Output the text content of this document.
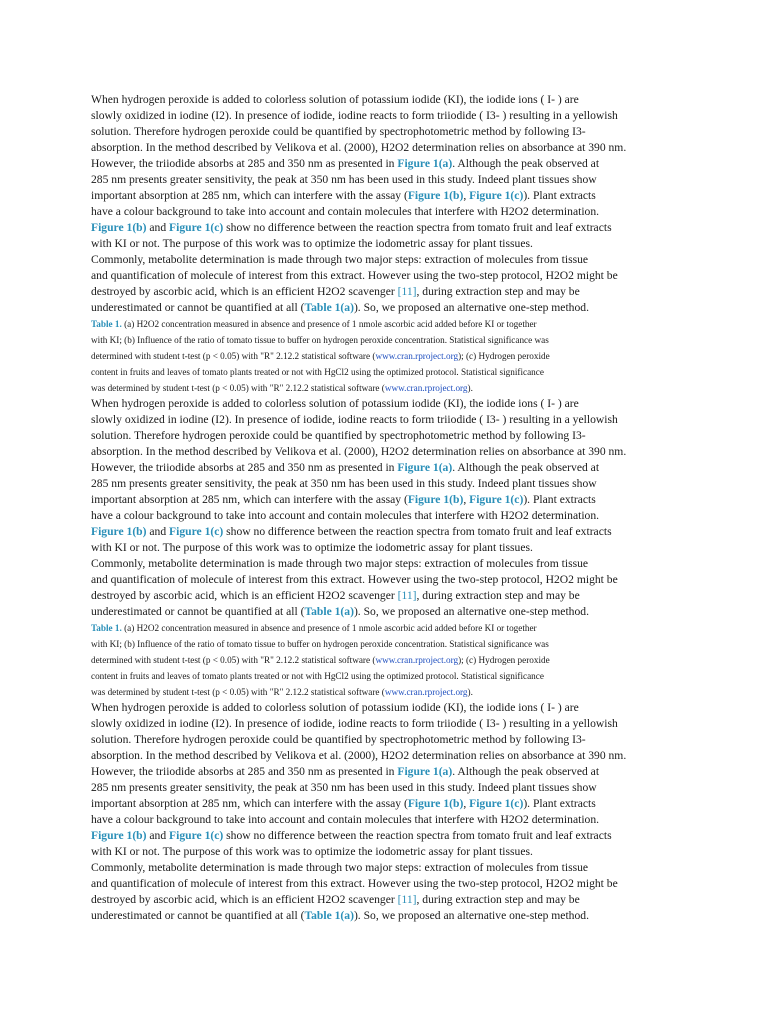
When hydrogen peroxide is added to colorless solution of potassium iodide (KI), the iodide ions ( I- ) are
slowly oxidized in iodine (I2). In presence of iodide, iodine reacts to form triiodide ( I3- ) resulting in a yellowish
solution. Therefore hydrogen peroxide could be quantified by spectrophotometric method by following I3-
absorption. In the method described by Velikova et al. (2000), H2O2 determination relies on absorbance at 390 nm.
However, the triiodide absorbs at 285 and 350 nm as presented in Figure 1(a). Although the peak observed at
285 nm presents greater sensitivity, the peak at 350 nm has been used in this study. Indeed plant tissues show
important absorption at 285 nm, which can interfere with the assay (Figure 1(b), Figure 1(c)). Plant extracts
have a colour background to take into account and contain molecules that interfere with H2O2 determination.
Figure 1(b) and Figure 1(c) show no difference between the reaction spectra from tomato fruit and leaf extracts
with KI or not. The purpose of this work was to optimize the iodometric assay for plant tissues.
Commonly, metabolite determination is made through two major steps: extraction of molecules from tissue
and quantification of molecule of interest from this extract. However using the two-step protocol, H2O2 might be
destroyed by ascorbic acid, which is an efficient H2O2 scavenger [11], during extraction step and may be
underestimated or cannot be quantified at all (Table 1(a)). So, we proposed an alternative one-step method.
Table 1. (a) H2O2 concentration measured in absence and presence of 1 nmole ascorbic acid added before KI or together
with KI; (b) Influence of the ratio of tomato tissue to buffer on hydrogen peroxide concentration. Statistical significance was
determined with student t-test (p < 0.05) with "R" 2.12.2 statistical software (www.cran.rproject.org); (c) Hydrogen peroxide
content in fruits and leaves of tomato plants treated or not with HgCl2 using the optimized protocol. Statistical significance
was determined by student t-test (p < 0.05) with "R" 2.12.2 statistical software (www.cran.rproject.org).
When hydrogen peroxide is added to colorless solution of potassium iodide (KI), the iodide ions ( I- ) are
slowly oxidized in iodine (I2). In presence of iodide, iodine reacts to form triiodide ( I3- ) resulting in a yellowish
solution. Therefore hydrogen peroxide could be quantified by spectrophotometric method by following I3-
absorption. In the method described by Velikova et al. (2000), H2O2 determination relies on absorbance at 390 nm.
However, the triiodide absorbs at 285 and 350 nm as presented in Figure 1(a). Although the peak observed at
285 nm presents greater sensitivity, the peak at 350 nm has been used in this study. Indeed plant tissues show
important absorption at 285 nm, which can interfere with the assay (Figure 1(b), Figure 1(c)). Plant extracts
have a colour background to take into account and contain molecules that interfere with H2O2 determination.
Figure 1(b) and Figure 1(c) show no difference between the reaction spectra from tomato fruit and leaf extracts
with KI or not. The purpose of this work was to optimize the iodometric assay for plant tissues.
Commonly, metabolite determination is made through two major steps: extraction of molecules from tissue
and quantification of molecule of interest from this extract. However using the two-step protocol, H2O2 might be
destroyed by ascorbic acid, which is an efficient H2O2 scavenger [11], during extraction step and may be
underestimated or cannot be quantified at all (Table 1(a)). So, we proposed an alternative one-step method.
Table 1. (a) H2O2 concentration measured in absence and presence of 1 nmole ascorbic acid added before KI or together
with KI; (b) Influence of the ratio of tomato tissue to buffer on hydrogen peroxide concentration. Statistical significance was
determined with student t-test (p < 0.05) with "R" 2.12.2 statistical software (www.cran.rproject.org); (c) Hydrogen peroxide
content in fruits and leaves of tomato plants treated or not with HgCl2 using the optimized protocol. Statistical significance
was determined by student t-test (p < 0.05) with "R" 2.12.2 statistical software (www.cran.rproject.org).
When hydrogen peroxide is added to colorless solution of potassium iodide (KI), the iodide ions ( I- ) are
slowly oxidized in iodine (I2). In presence of iodide, iodine reacts to form triiodide ( I3- ) resulting in a yellowish
solution. Therefore hydrogen peroxide could be quantified by spectrophotometric method by following I3-
absorption. In the method described by Velikova et al. (2000), H2O2 determination relies on absorbance at 390 nm.
However, the triiodide absorbs at 285 and 350 nm as presented in Figure 1(a). Although the peak observed at
285 nm presents greater sensitivity, the peak at 350 nm has been used in this study. Indeed plant tissues show
important absorption at 285 nm, which can interfere with the assay (Figure 1(b), Figure 1(c)). Plant extracts
have a colour background to take into account and contain molecules that interfere with H2O2 determination.
Figure 1(b) and Figure 1(c) show no difference between the reaction spectra from tomato fruit and leaf extracts
with KI or not. The purpose of this work was to optimize the iodometric assay for plant tissues.
Commonly, metabolite determination is made through two major steps: extraction of molecules from tissue
and quantification of molecule of interest from this extract. However using the two-step protocol, H2O2 might be
destroyed by ascorbic acid, which is an efficient H2O2 scavenger [11], during extraction step and may be
underestimated or cannot be quantified at all (Table 1(a)). So, we proposed an alternative one-step method.
